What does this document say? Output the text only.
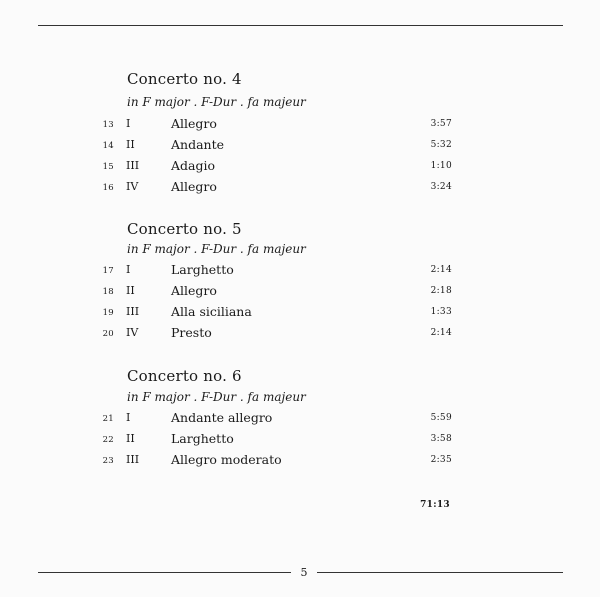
Concerto no. 4
in F major . F-Dur . fa majeur
13 I	Allegro	3:57
14 II	Andante	5:32
15 III	Adagio	1:10
16 IV	Allegro	3:24
Concerto no. 5
in F major . F-Dur . fa majeur
17 I	Larghetto	2:14
18 II	Allegro	2:18
19 III	Alla siciliana	1:33
20 IV	Presto	2:14
Concerto no. 6
in F major . F-Dur . fa majeur
21 I	Andante allegro	5:59
22 II	Larghetto	3:58
23 III	Allegro moderato	2:35
71:13
5
